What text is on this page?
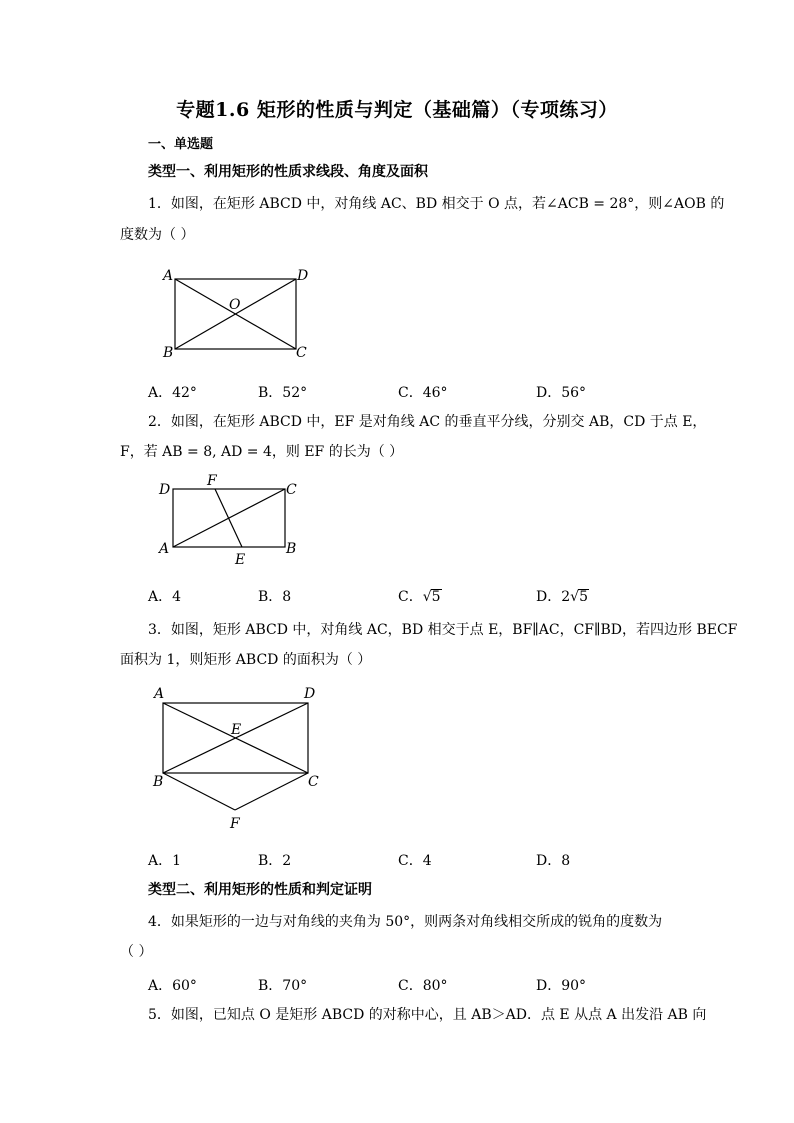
专题1.6 矩形的性质与判定（基础篇）（专项练习）
一、单选题
类型一、利用矩形的性质求线段、角度及面积
1．如图，在矩形 ABCD 中，对角线 AC、BD 相交于 O 点，若∠ACB = 28°，则∠AOB 的
度数为（ ）
A	D
O
B	C
A．42°	B．52°	C．46°	D．56°
2．如图，在矩形 ABCD 中，EF 是对角线 AC 的垂直平分线，分别交 AB，CD 于点 E，
F，若 AB = 8, AD = 4，则 EF 的长为（ ）
D
F
C
A
E
B
A．4	B．8	C．√5	D．2√5
3．如图，矩形 ABCD 中，对角线 AC，BD 相交于点 E，BF∥AC，CF∥BD，若四边形 BECF
面积为 1，则矩形 ABCD 的面积为（ ）
A	D
E
B	C
F
A．1	B．2	C．4	D．8
类型二、利用矩形的性质和判定证明
4．如果矩形的一边与对角线的夹角为 50°，则两条对角线相交所成的锐角的度数为
（ ）
A．60°	B．70°	C．80°	D．90°
5．如图，已知点 O 是矩形 ABCD 的对称中心，且 AB＞AD．点 E 从点 A 出发沿 AB 向
